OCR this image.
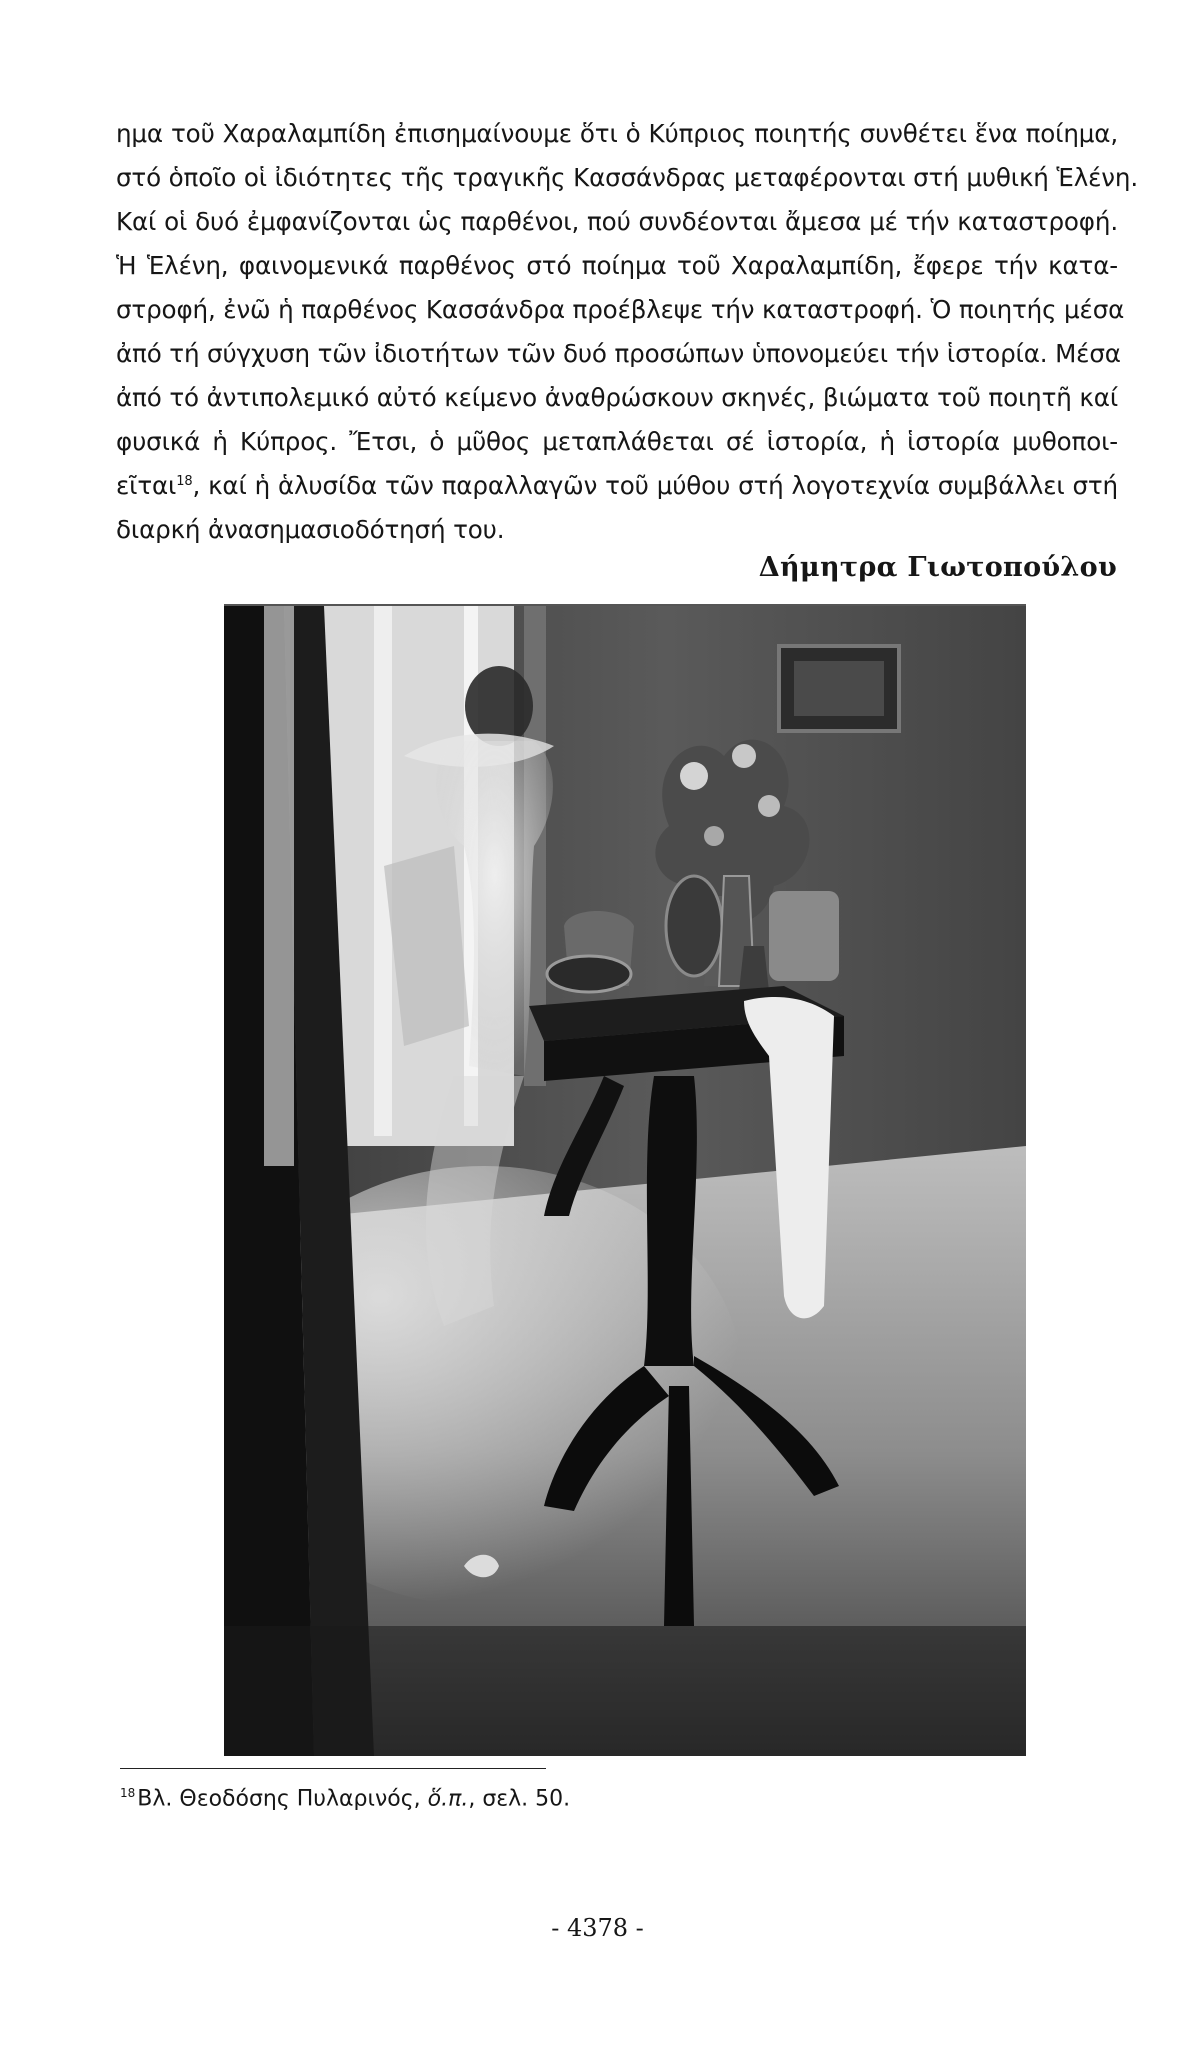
ημα τοῦ Χαραλαμπίδη ἐπισημαίνουμε ὅτι ὁ Κύπριος ποιητής συνθέτει ἕνα ποίημα,
στό ὁποῖο οἱ ἰδιότητες τῆς τραγικῆς Κασσάνδρας μεταφέρονται στή μυθική Ἑλένη.
Καί οἱ δυό ἐμφανίζονται ὡς παρθένοι, πού συνδέονται ἄμεσα μέ τήν καταστροφή.
Ἡ Ἑλένη, φαινομενικά παρθένος στό ποίημα τοῦ Χαραλαμπίδη, ἔφερε τήν κατα-
στροφή, ἐνῶ ἡ παρθένος Κασσάνδρα προέβλεψε τήν καταστροφή. Ὁ ποιητής μέσα
ἀπό τή σύγχυση τῶν ἰδιοτήτων τῶν δυό προσώπων ὑπονομεύει τήν ἱστορία. Μέσα
ἀπό τό ἀντιπολεμικό αὐτό κείμενο ἀναθρώσκουν σκηνές, βιώματα τοῦ ποιητῆ καί
φυσικά ἡ Κύπρος. Ἔτσι, ὁ μῦθος μεταπλάθεται σέ ἱστορία, ἡ ἱστορία μυθοποι-
εῖται$^{18}$, καί ἡ ἁλυσίδα τῶν παραλλαγῶν τοῦ μύθου στή λογοτεχνία συμβάλλει στή
διαρκή ἀνασημασιοδότησή του.
Δήμητρα Γιωτοπούλου
$^{18}$Βλ. Θεοδόσης Πυλαρινός, ὅ.π., σελ. 50.
- 4378 -
